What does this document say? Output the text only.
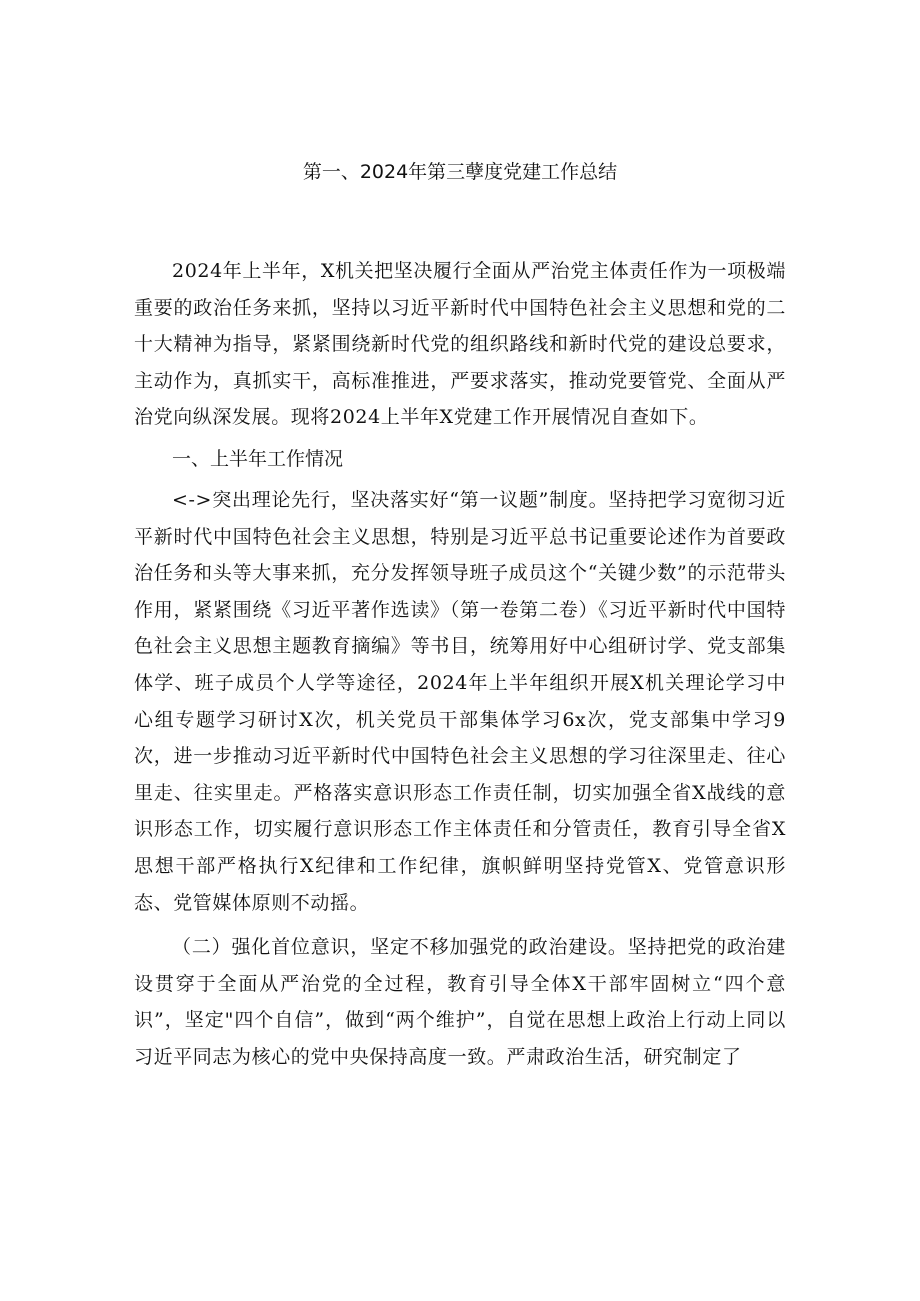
第一、2024年第三孽度党建工作总结

2024年上半年，X机关把坚决履行全面从严治党主体责任作为一项极端重要的政治任务来抓，坚持以习近平新时代中国特色社会主义思想和党的二十大精神为指导，紧紧围绕新时代党的组织路线和新时代党的建设总要求，主动作为，真抓实干，高标准推进，严要求落实，推动党要管党、全面从严治党向纵深发展。现将2024上半年X党建工作开展情况自查如下。

一、上半年工作情况

<->突出理论先行，坚决落实好“第一议题”制度。坚持把学习宽彻习近平新时代中国特色社会主义思想，特别是习近平总书记重要论述作为首要政治任务和头等大事来抓，充分发挥领导班子成员这个“关键少数”的示范带头作用，紧紧围绕《习近平著作选读》（第一卷第二卷）《习近平新时代中国特色社会主义思想主题教育摘编》等书目，统筹用好中心组研讨学、党支部集体学、班子成员个人学等途径，2024年上半年组织开展X机关理论学习中心组专题学习研讨X次，机关党员干部集体学习6x次，党支部集中学习9次，进一步推动习近平新时代中国特色社会主义思想的学习往深里走、往心里走、往实里走。严格落实意识形态工作责任制，切实加强全省X战线的意识形态工作，切实履行意识形态工作主体责任和分管责任，教育引导全省X思想干部严格执行X纪律和工作纪律，旗帜鲜明坚持党管X、党管意识形态、党管媒体原则不动摇。

（二）强化首位意识，坚定不移加强党的政治建设。坚持把党的政治建设贯穿于全面从严治党的全过程，教育引导全体X干部牢固树立“四个意识”，坚定"四个自信”，做到“两个维护”，自觉在思想上政治上行动上同以习近平同志为核心的党中央保持高度一致。严肃政治生活，研究制定了
